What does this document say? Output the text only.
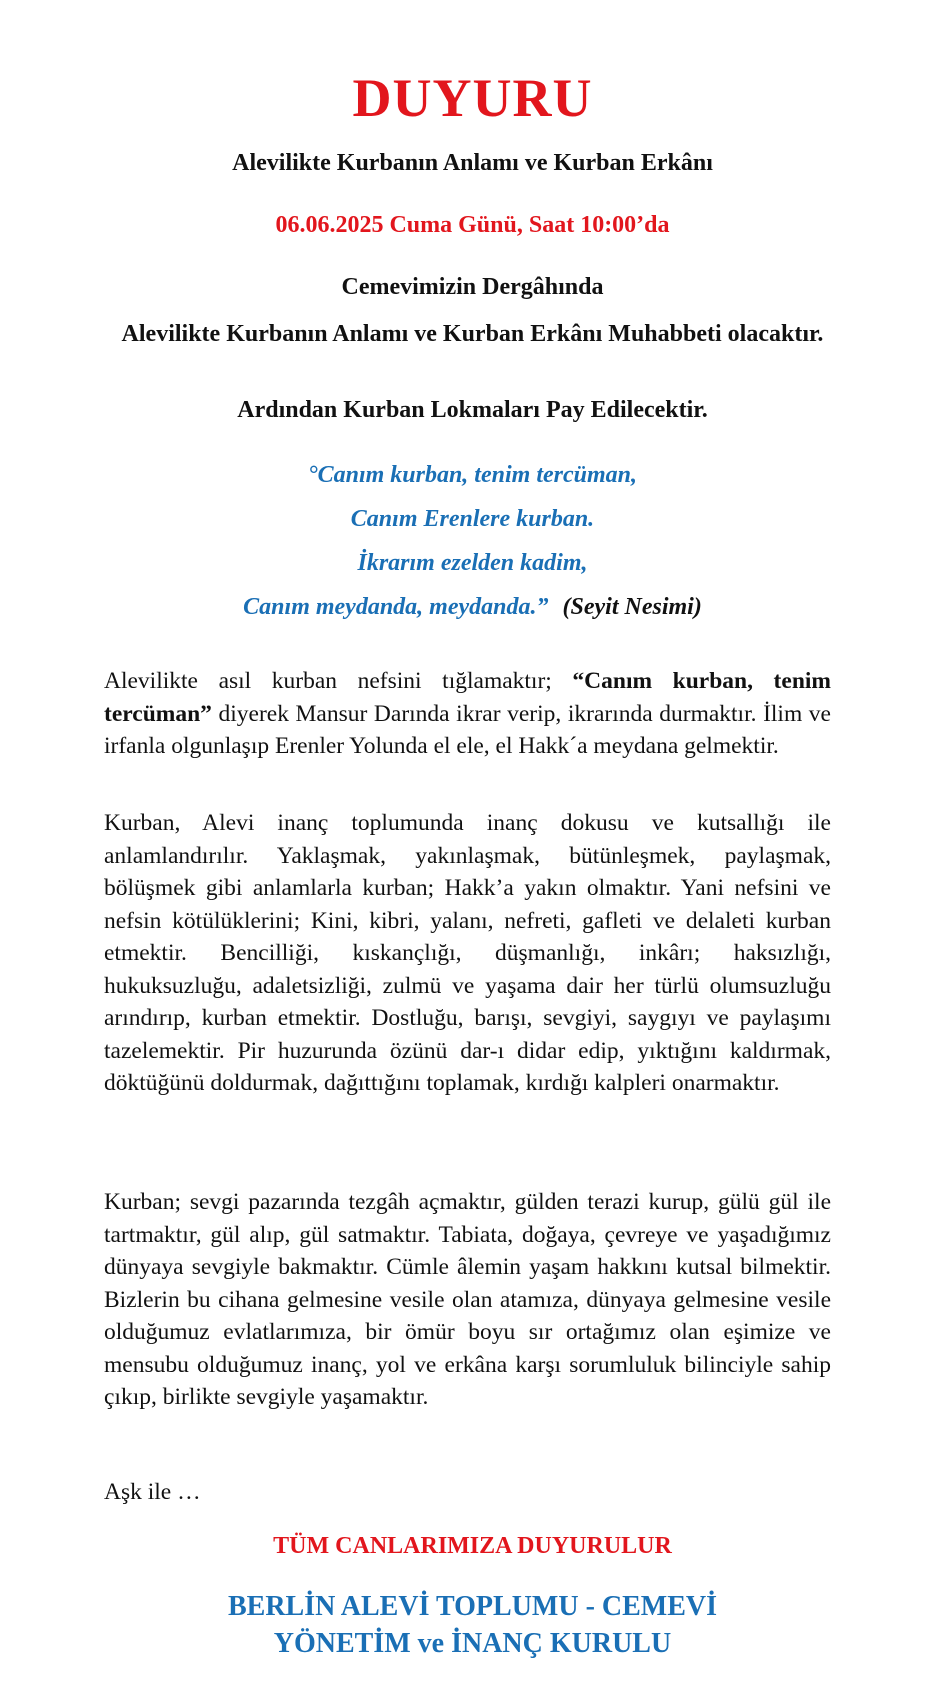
DUYURU
Alevilikte Kurbanın Anlamı ve Kurban Erkânı
06.06.2025 Cuma Günü, Saat 10:00’da
Cemevimizin Dergâhında
Alevilikte Kurbanın Anlamı ve Kurban Erkânı Muhabbeti olacaktır.
Ardından Kurban Lokmaları Pay Edilecektir.
°Canım kurban, tenim tercüman,
Canım Erenlere kurban.
İkrarım ezelden kadim,
Canım meydanda, meydanda.” (Seyit Nesimi)
Alevilikte asıl kurban nefsini tığlamaktır; “Canım kurban, tenim tercüman” diyerek Mansur Darında ikrar verip, ikrarında durmaktır. İlim ve irfanla olgunlaşıp Erenler Yolunda el ele, el Hakk´a meydana gelmektir.
Kurban, Alevi inanç toplumunda inanç dokusu ve kutsallığı ile anlamlandırılır. Yaklaşmak, yakınlaşmak, bütünleşmek, paylaşmak, bölüşmek gibi anlamlarla kurban; Hakk’a yakın olmaktır. Yani nefsini ve nefsin kötülüklerini; Kini, kibri, yalanı, nefreti, gafleti ve delaleti kurban etmektir. Bencilliği, kıskançlığı, düşmanlığı, inkârı; haksızlığı, hukuksuzluğu, adaletsizliği, zulmü ve yaşama dair her türlü olumsuzluğu arındırıp, kurban etmektir. Dostluğu, barışı, sevgiyi, saygıyı ve paylaşımı tazelemektir. Pir huzurunda özünü dar-ı didar edip, yıktığını kaldırmak, döktüğünü doldurmak, dağıttığını toplamak, kırdığı kalpleri onarmaktır.
Kurban; sevgi pazarında tezgâh açmaktır, gülden terazi kurup, gülü gül ile tartmaktır, gül alıp, gül satmaktır. Tabiata, doğaya, çevreye ve yaşadığımız dünyaya sevgiyle bakmaktır. Cümle âlemin yaşam hakkını kutsal bilmektir. Bizlerin bu cihana gelmesine vesile olan atamıza, dünyaya gelmesine vesile olduğumuz evlatlarımıza, bir ömür boyu sır ortağımız olan eşimize ve mensubu olduğumuz inanç, yol ve erkâna karşı sorumluluk bilinciyle sahip çıkıp, birlikte sevgiyle yaşamaktır.
Aşk ile …
TÜM CANLARIMIZA DUYURULUR
BERLİN ALEVİ TOPLUMU - CEMEVİ
YÖNETİM ve İNANÇ KURULU
